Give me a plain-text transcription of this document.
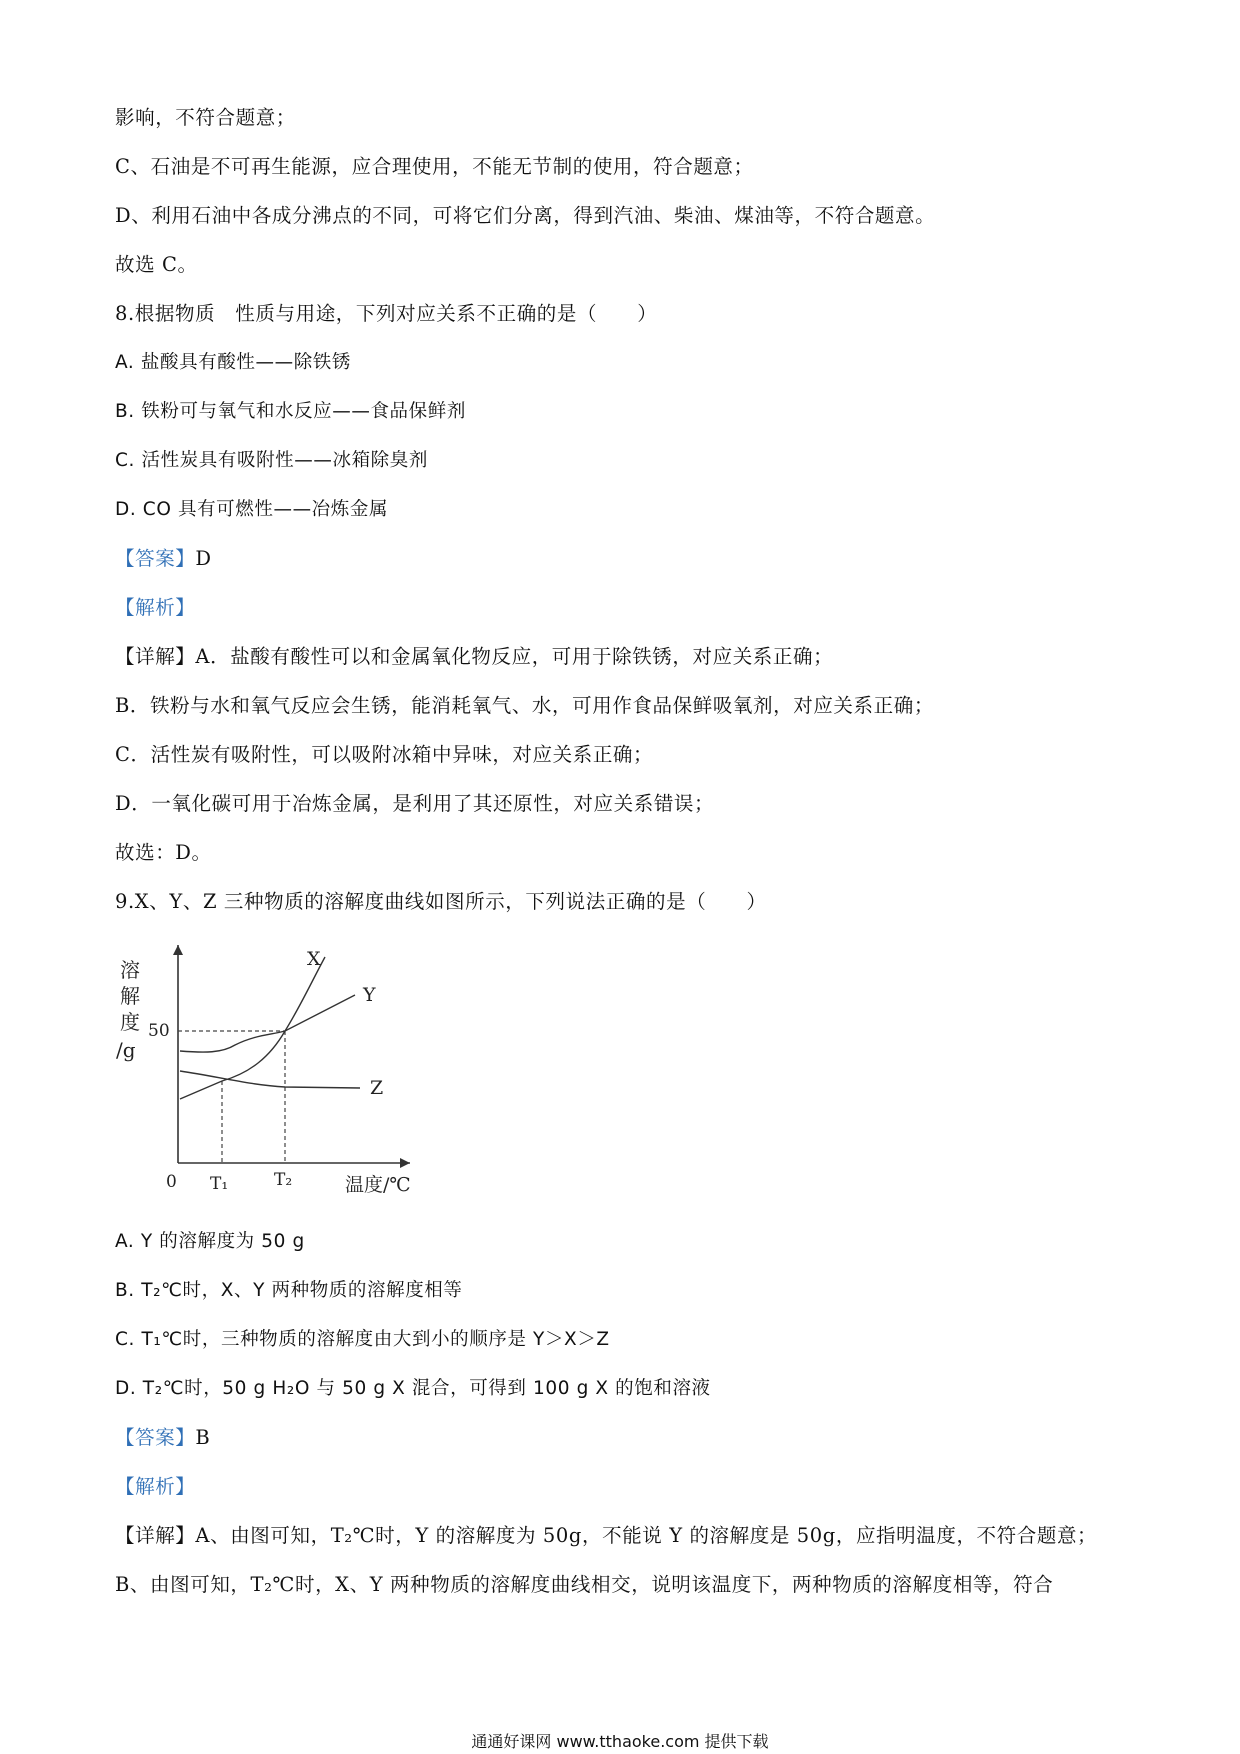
影响，不符合题意；
C、石油是不可再生能源，应合理使用，不能无节制的使用，符合题意；
D、利用石油中各成分沸点的不同，可将它们分离，得到汽油、柴油、煤油等，不符合题意。
故选 C。
8.根据物质　性质与用途，下列对应关系不正确的是（　　）
A. 盐酸具有酸性——除铁锈
B. 铁粉可与氧气和水反应——食品保鲜剂
C. 活性炭具有吸附性——冰箱除臭剂
D. CO 具有可燃性——冶炼金属
【答案】D
【解析】
【详解】A．盐酸有酸性可以和金属氧化物反应，可用于除铁锈，对应关系正确；
B．铁粉与水和氧气反应会生锈，能消耗氧气、水，可用作食品保鲜吸氧剂，对应关系正确；
C．活性炭有吸附性，可以吸附冰箱中异味，对应关系正确；
D．一氧化碳可用于冶炼金属，是利用了其还原性，对应关系错误；
故选：D。
9.X、Y、Z 三种物质的溶解度曲线如图所示，下列说法正确的是（　　）
溶
解
度
/g
50
0 T₁	T₂	温度/℃
X
Y
Z
A. Y 的溶解度为 50 g
B. T₂℃时，X、Y 两种物质的溶解度相等
C. T₁℃时，三种物质的溶解度由大到小的顺序是 Y＞X＞Z
D. T₂℃时，50 g H₂O 与 50 g X 混合，可得到 100 g X 的饱和溶液
【答案】B
【解析】
【详解】A、由图可知，T₂℃时，Y 的溶解度为 50g，不能说 Y 的溶解度是 50g，应指明温度，不符合题意；
B、由图可知，T₂℃时，X、Y 两种物质的溶解度曲线相交，说明该温度下，两种物质的溶解度相等，符合
通通好课网 www.tthaoke.com 提供下载
